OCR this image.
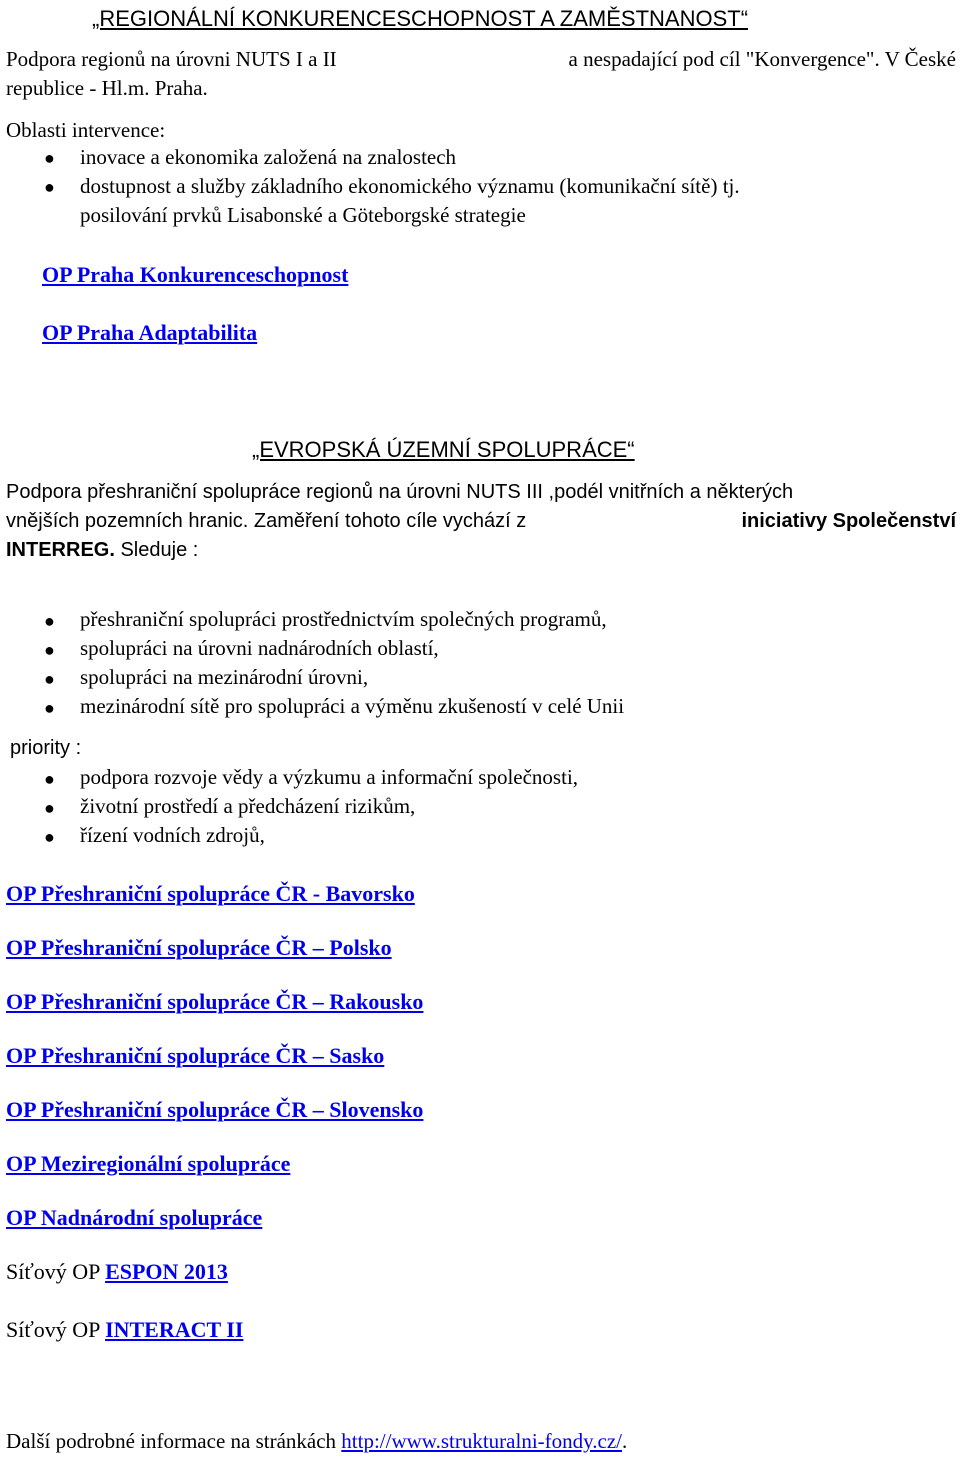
„REGIONÁLNÍ KONKURENCESCHOPNOST A ZAMĚSTNANOST“
Podpora regionů na úrovni NUTS I a II	a nespadající pod cíl "Konvergence". V České
republice - Hl.m. Praha.
Oblasti intervence:
● inovace a ekonomika založená na znalostech
● dostupnost a služby základního ekonomického významu (komunikační sítě) tj.
posilování prvků Lisabonské a Göteborgské strategie
OP Praha Konkurenceschopnost
OP Praha Adaptabilita
„EVROPSKÁ ÚZEMNÍ SPOLUPRÁCE“
Podpora přeshraniční spolupráce regionů na úrovni NUTS III ,podél vnitřních a některých
vnějších pozemních hranic. Zaměření tohoto cíle vychází z	iniciativy Společenství
INTERREG. Sleduje :
● přeshraniční spolupráci prostřednictvím společných programů,
● spolupráci na úrovni nadnárodních oblastí,
● spolupráci na mezinárodní úrovni,
● mezinárodní sítě pro spolupráci a výměnu zkušeností v celé Unii
priority :
● podpora rozvoje vědy a výzkumu a informační společnosti,
● životní prostředí a předcházení rizikům,
● řízení vodních zdrojů,
OP Přeshraniční spolupráce ČR - Bavorsko
OP Přeshraniční spolupráce ČR – Polsko
OP Přeshraniční spolupráce ČR – Rakousko
OP Přeshraniční spolupráce ČR – Sasko
OP Přeshraniční spolupráce ČR – Slovensko
OP Meziregionální spolupráce
OP Nadnárodní spolupráce
Síťový OP ESPON 2013
Síťový OP INTERACT II
Další podrobné informace na stránkách http://www.strukturalni-fondy.cz/.
